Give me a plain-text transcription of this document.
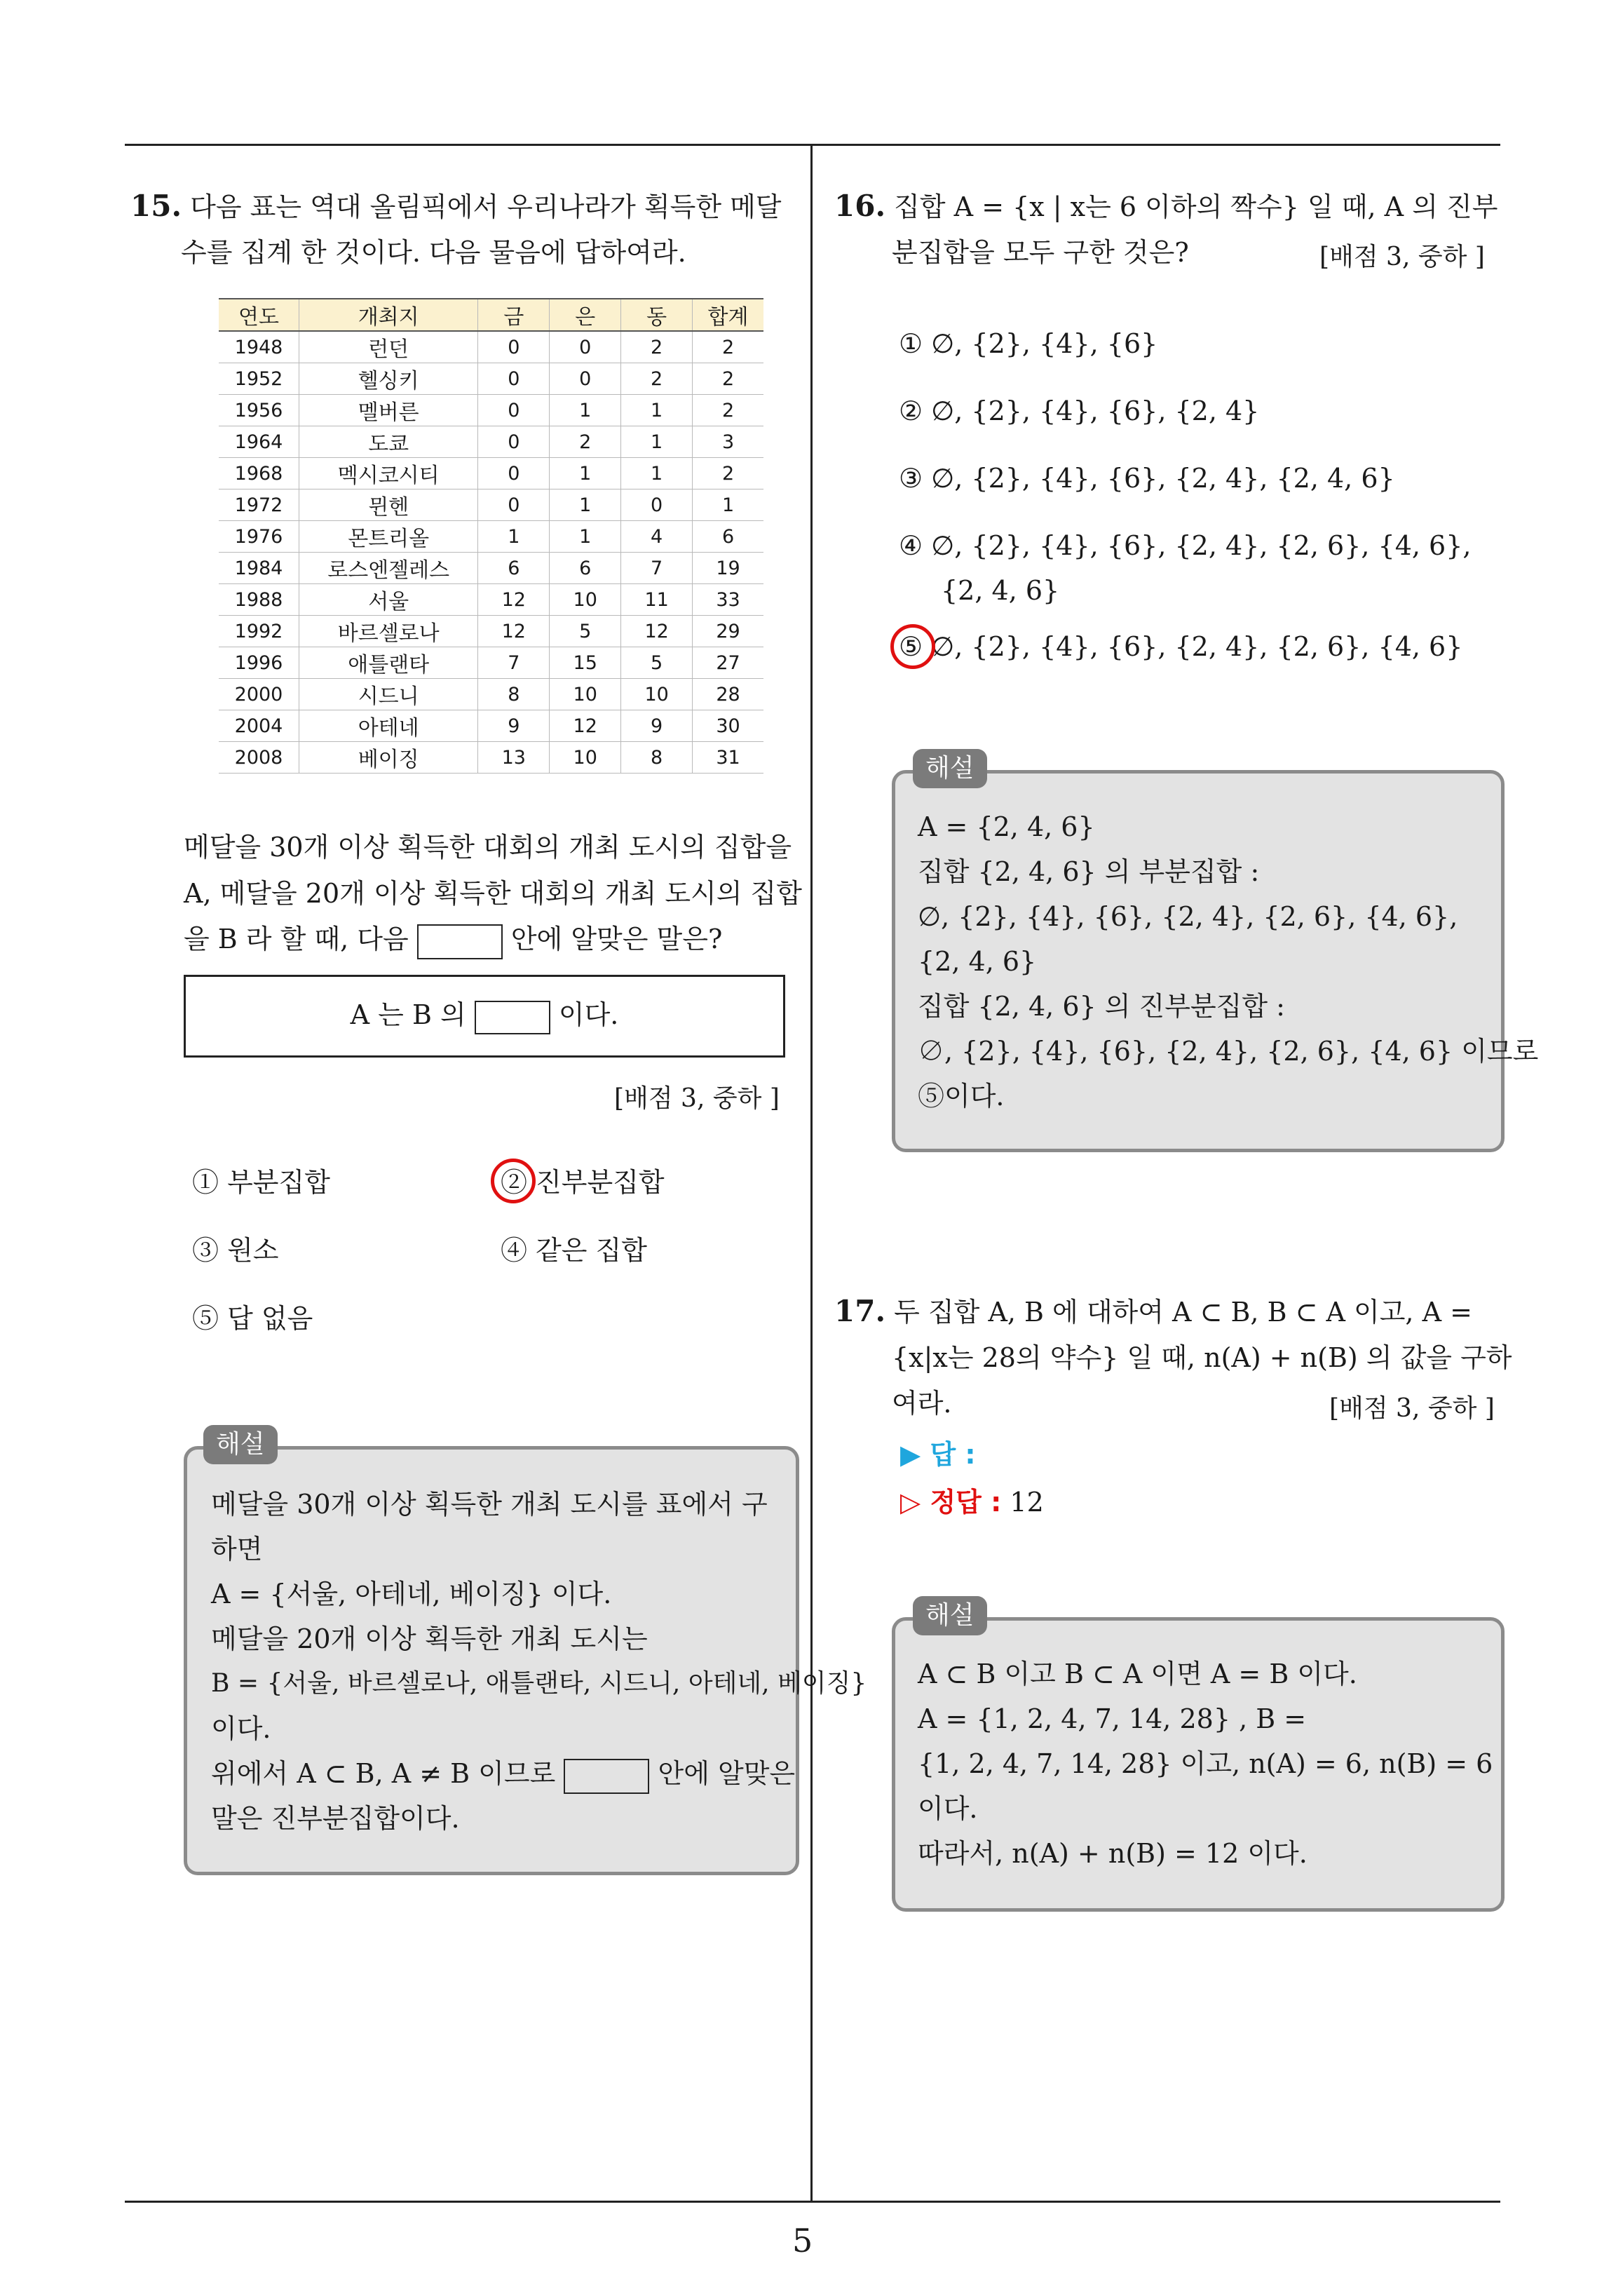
15. 다음 표는 역대 올림픽에서 우리나라가 획득한 메달
수를 집계 한 것이다. 다음 물음에 답하여라.
연도	개최지	금	은	동	합계
1948	런던	0	0	2	2
1952	헬싱키	0	0	2	2
1956	멜버른	0	1	1	2
1964	도쿄	0	2	1	3
1968	멕시코시티	0	1	1	2
1972	뮌헨	0	1	0	1
1976	몬트리올	1	1	4	6
1984	로스엔젤레스	6	6	7	19
1988	서울	12	10	11	33
1992	바르셀로나	12	5	12	29
1996	애틀랜타	7	15	5	27
2000	시드니	8	10	10	28
2004	아테네	9	12	9	30
2008	베이징	13	10	8	31
메달을 30개 이상 획득한 대회의 개최 도시의 집합을
A, 메달을 20개 이상 획득한 대회의 개최 도시의 집합
을 B 라 할 때, 다음	안에 알맞은 말은?
A 는 B 의	이다.
[배점 3, 중하 ]
① 부분집합	② 진부분집합
③ 원소	④ 같은 집합
⑤ 답 없음
메달을 30개 이상 획득한 개최 도시를 표에서 구
하면
A = {서울, 아테네, 베이징} 이다.
메달을 20개 이상 획득한 개최 도시는
B = {서울, 바르셀로나, 애틀랜타, 시드니, 아테네, 베이징}
이다.
위에서 A ⊂ B, A ≠ B 이므로	안에 알맞은
말은 진부분집합이다.
해설
16. 집합 A = {x | x는 6 이하의 짝수} 일 때, A 의 진부
분집합을 모두 구한 것은?	[배점 3, 중하 ]
① ∅, {2}, {4}, {6}
② ∅, {2}, {4}, {6}, {2, 4}
③ ∅, {2}, {4}, {6}, {2, 4}, {2, 4, 6}
④ ∅, {2}, {4}, {6}, {2, 4}, {2, 6}, {4, 6},
{2, 4, 6}
⑤ ∅, {2}, {4}, {6}, {2, 4}, {2, 6}, {4, 6}
A = {2, 4, 6}
집합 {2, 4, 6} 의 부분집합 :
∅, {2}, {4}, {6}, {2, 4}, {2, 6}, {4, 6},
{2, 4, 6}
집합 {2, 4, 6} 의 진부분집합 :
∅, {2}, {4}, {6}, {2, 4}, {2, 6}, {4, 6} 이므로
⑤이다.
해설
17. 두 집합 A, B 에 대하여 A ⊂ B, B ⊂ A 이고, A =
{x|x는 28의 약수} 일 때, n(A) + n(B) 의 값을 구하
여라.	[배점 3, 중하 ]
▶ 답 :
▷ 정답 : 12
A ⊂ B 이고 B ⊂ A 이면 A = B 이다.
A = {1, 2, 4, 7, 14, 28} , B =
{1, 2, 4, 7, 14, 28} 이고, n(A) = 6, n(B) = 6
이다.
따라서, n(A) + n(B) = 12 이다.
해설
5
